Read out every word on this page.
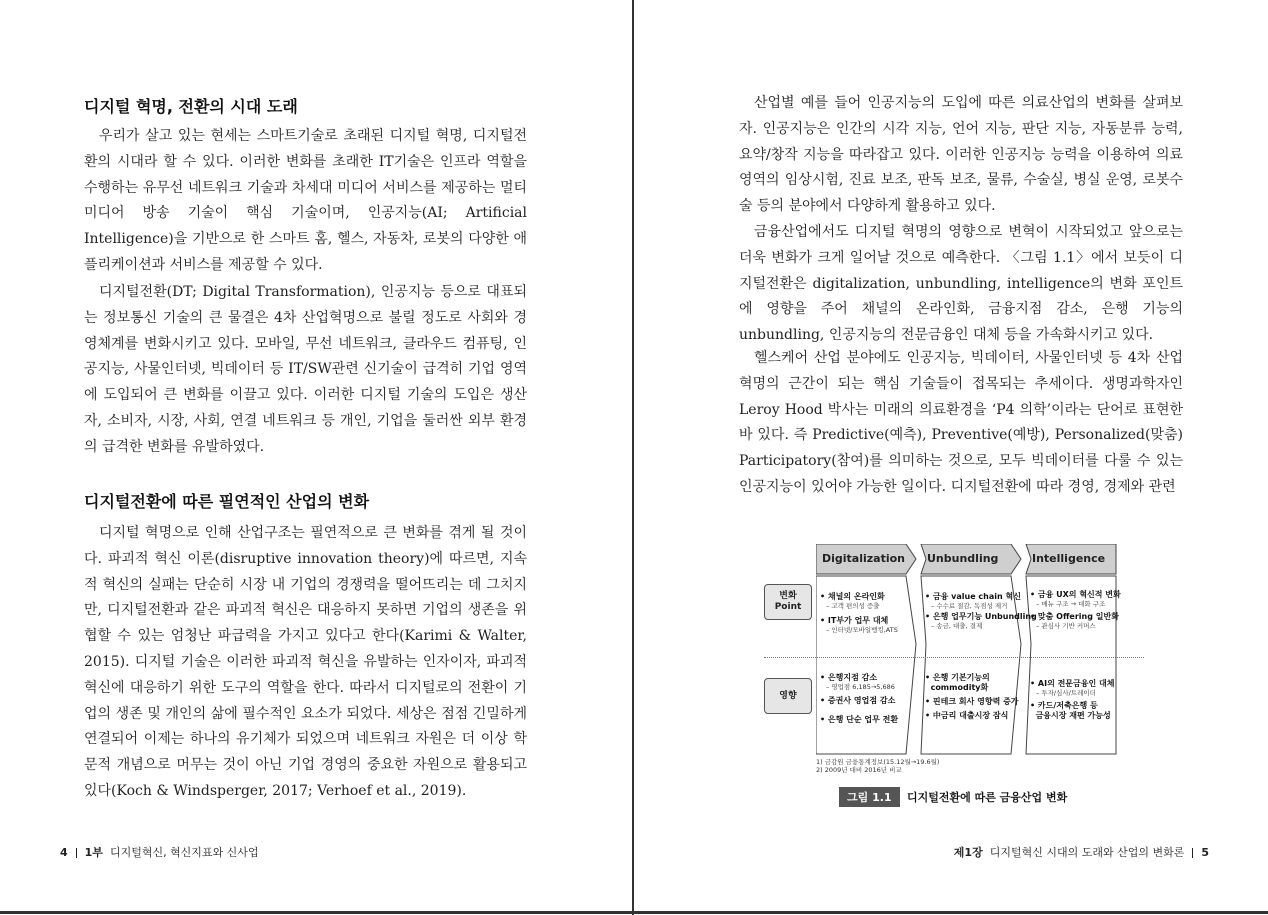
디지털 혁명, 전환의 시대 도래

우리가 살고 있는 현세는 스마트기술로 초래된 디지털 혁명, 디지털전환의 시대라 할 수 있다. 이러한 변화를 초래한 IT기술은 인프라 역할을 수행하는 유무선 네트워크 기술과 차세대 미디어 서비스를 제공하는 멀티미디어 방송 기술이 핵심 기술이며, 인공지능(AI; Artificial Intelligence)을 기반으로 한 스마트 홈, 헬스, 자동차, 로봇의 다양한 애플리케이션과 서비스를 제공할 수 있다.

디지털전환(DT; Digital Transformation), 인공지능 등으로 대표되는 정보통신 기술의 큰 물결은 4차 산업혁명으로 불릴 정도로 사회와 경영체계를 변화시키고 있다. 모바일, 무선 네트워크, 클라우드 컴퓨팅, 인공지능, 사물인터넷, 빅데이터 등 IT/SW관련 신기술이 급격히 기업 영역에 도입되어 큰 변화를 이끌고 있다. 이러한 디지털 기술의 도입은 생산자, 소비자, 시장, 사회, 연결 네트워크 등 개인, 기업을 둘러싼 외부 환경의 급격한 변화를 유발하였다.

디지털전환에 따른 필연적인 산업의 변화

디지털 혁명으로 인해 산업구조는 필연적으로 큰 변화를 겪게 될 것이다. 파괴적 혁신 이론(disruptive innovation theory)에 따르면, 지속적 혁신의 실패는 단순히 시장 내 기업의 경쟁력을 떨어뜨리는 데 그치지만, 디지털전환과 같은 파괴적 혁신은 대응하지 못하면 기업의 생존을 위협할 수 있는 엄청난 파급력을 가지고 있다고 한다(Karimi & Walter, 2015). 디지털 기술은 이러한 파괴적 혁신을 유발하는 인자이자, 파괴적 혁신에 대응하기 위한 도구의 역할을 한다. 따라서 디지털로의 전환이 기업의 생존 및 개인의 삶에 필수적인 요소가 되었다. 세상은 점점 긴밀하게 연결되어 이제는 하나의 유기체가 되었으며 네트워크 자원은 더 이상 학문적 개념으로 머무는 것이 아닌 기업 경영의 중요한 자원으로 활용되고 있다(Koch & Windsperger, 2017; Verhoef et al., 2019).

4 1부 디지털혁신, 혁신지표와 신사업

산업별 예를 들어 인공지능의 도입에 따른 의료산업의 변화를 살펴보자. 인공지능은 인간의 시각 지능, 언어 지능, 판단 지능, 자동분류 능력, 요약/창작 지능을 따라잡고 있다. 이러한 인공지능 능력을 이용하여 의료영역의 임상시험, 진료 보조, 판독 보조, 물류, 수술실, 병실 운영, 로봇수술 등의 분야에서 다양하게 활용하고 있다.

금융산업에서도 디지털 혁명의 영향으로 변혁이 시작되었고 앞으로는 더욱 변화가 크게 일어날 것으로 예측한다. 〈그림 1.1〉에서 보듯이 디지털전환은 digitalization, unbundling, intelligence의 변화 포인트에 영향을 주어 채널의 온라인화, 금융지점 감소, 은행 기능의 unbundling, 인공지능의 전문금융인 대체 등을 가속화시키고 있다.

헬스케어 산업 분야에도 인공지능, 빅데이터, 사물인터넷 등 4차 산업혁명의 근간이 되는 핵심 기술들이 접목되는 추세이다. 생명과학자인 Leroy Hood 박사는 미래의 의료환경을 ‘P4 의학’이라는 단어로 표현한 바 있다. 즉 Predictive(예측), Preventive(예방), Personalized(맞춤) Participatory(참여)를 의미하는 것으로, 모두 빅데이터를 다룰 수 있는 인공지능이 있어야 가능한 일이다. 디지털전환에 따라 경영, 경제와 관련

변화
Point
영향
Digitalization Unbundling	Intelligence
• 채널의 온라인화
– 고객 편의성 증출
• IT부가 업무 대체
– 인터넷/모바일뱅킹,ATS
• 금융 value chain 혁신
– 수수료 절감, 독점성 제거
• 은행 업무기능 Unbundling
– 송금, 대출, 결제
• 금융 UX의 혁신적 변화
– 매뉴 구조 → 대화 구조
• 맞춤 Offering 일반화
– 관심사 기반 커머스
• 은행지점 감소
– 영업점 6,185→5,686
• 증권사 영업점 감소
• 은행 단순 업무 전환
• 은행 기본기능의
commodity화
• 핀테크 회사 영향력 증가
• 中금리 대출시장 잠식
• AI의 전문금융인 대체
– 투자/심사/트레이더
• 카드/저축은행 등
금융시장 재편 가능성
1) 금감원 금융통계정보(15.12월→19.6월)
2) 2009년 대비 2016년 비교
그림 1.1	디지털전환에 따른 금융산업 변화
제1장 디지털혁신 시대의 도래와 산업의 변화론 5
